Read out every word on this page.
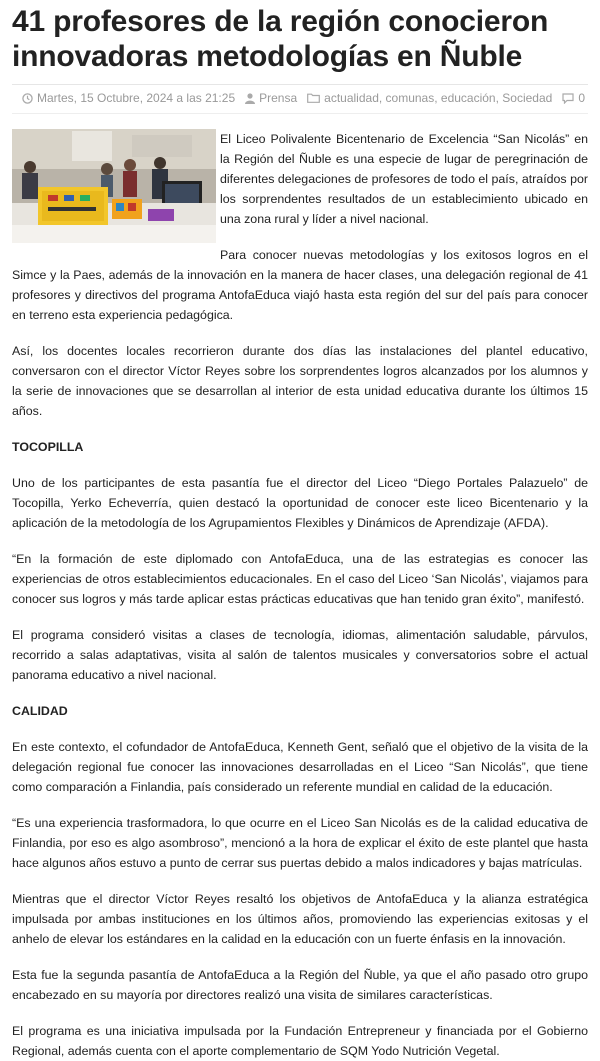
41 profesores de la región conocieron innovadoras metodologías en Ñuble
Martes, 15 Octubre, 2024 a las 21:25 Prensa actualidad, comunas, educación, Sociedad 0

El Liceo Polivalente Bicentenario de Excelencia “San Nicolás” en la Región del Ñuble es una especie de lugar de peregrinación de diferentes delegaciones de profesores de todo el país, atraídos por los sorprendentes resultados de un establecimiento ubicado en una zona rural y líder a nivel nacional.

Para conocer nuevas metodologías y los exitosos logros en el Simce y la Paes, además de la innovación en la manera de hacer clases, una delegación regional de 41 profesores y directivos del programa AntofaEduca viajó hasta esta región del sur del país para conocer en terreno esta experiencia pedagógica.

Así, los docentes locales recorrieron durante dos días las instalaciones del plantel educativo, conversaron con el director Víctor Reyes sobre los sorprendentes logros alcanzados por los alumnos y la serie de innovaciones que se desarrollan al interior de esta unidad educativa durante los últimos 15 años.

TOCOPILLA

Uno de los participantes de esta pasantía fue el director del Liceo “Diego Portales Palazuelo” de Tocopilla, Yerko Echeverría, quien destacó la oportunidad de conocer este liceo Bicentenario y la aplicación de la metodología de los Agrupamientos Flexibles y Dinámicos de Aprendizaje (AFDA).

“En la formación de este diplomado con AntofaEduca, una de las estrategias es conocer las experiencias de otros establecimientos educacionales. En el caso del Liceo ‘San Nicolás’, viajamos para conocer sus logros y más tarde aplicar estas prácticas educativas que han tenido gran éxito”, manifestó.

El programa consideró visitas a clases de tecnología, idiomas, alimentación saludable, párvulos, recorrido a salas adaptativas, visita al salón de talentos musicales y conversatorios sobre el actual panorama educativo a nivel nacional.

CALIDAD

En este contexto, el cofundador de AntofaEduca, Kenneth Gent, señaló que el objetivo de la visita de la delegación regional fue conocer las innovaciones desarrolladas en el Liceo “San Nicolás”, que tiene como comparación a Finlandia, país considerado un referente mundial en calidad de la educación.

“Es una experiencia trasformadora, lo que ocurre en el Liceo San Nicolás es de la calidad educativa de Finlandia, por eso es algo asombroso”, mencionó a la hora de explicar el éxito de este plantel que hasta hace algunos años estuvo a punto de cerrar sus puertas debido a malos indicadores y bajas matrículas.

Mientras que el director Víctor Reyes resaltó los objetivos de AntofaEduca y la alianza estratégica impulsada por ambas instituciones en los últimos años, promoviendo las experiencias exitosas y el anhelo de elevar los estándares en la calidad en la educación con un fuerte énfasis en la innovación.

Esta fue la segunda pasantía de AntofaEduca a la Región del Ñuble, ya que el año pasado otro grupo encabezado en su mayoría por directores realizó una visita de similares características.

El programa es una iniciativa impulsada por la Fundación Entrepreneur y financiada por el Gobierno Regional, además cuenta con el aporte complementario de SQM Yodo Nutrición Vegetal.
